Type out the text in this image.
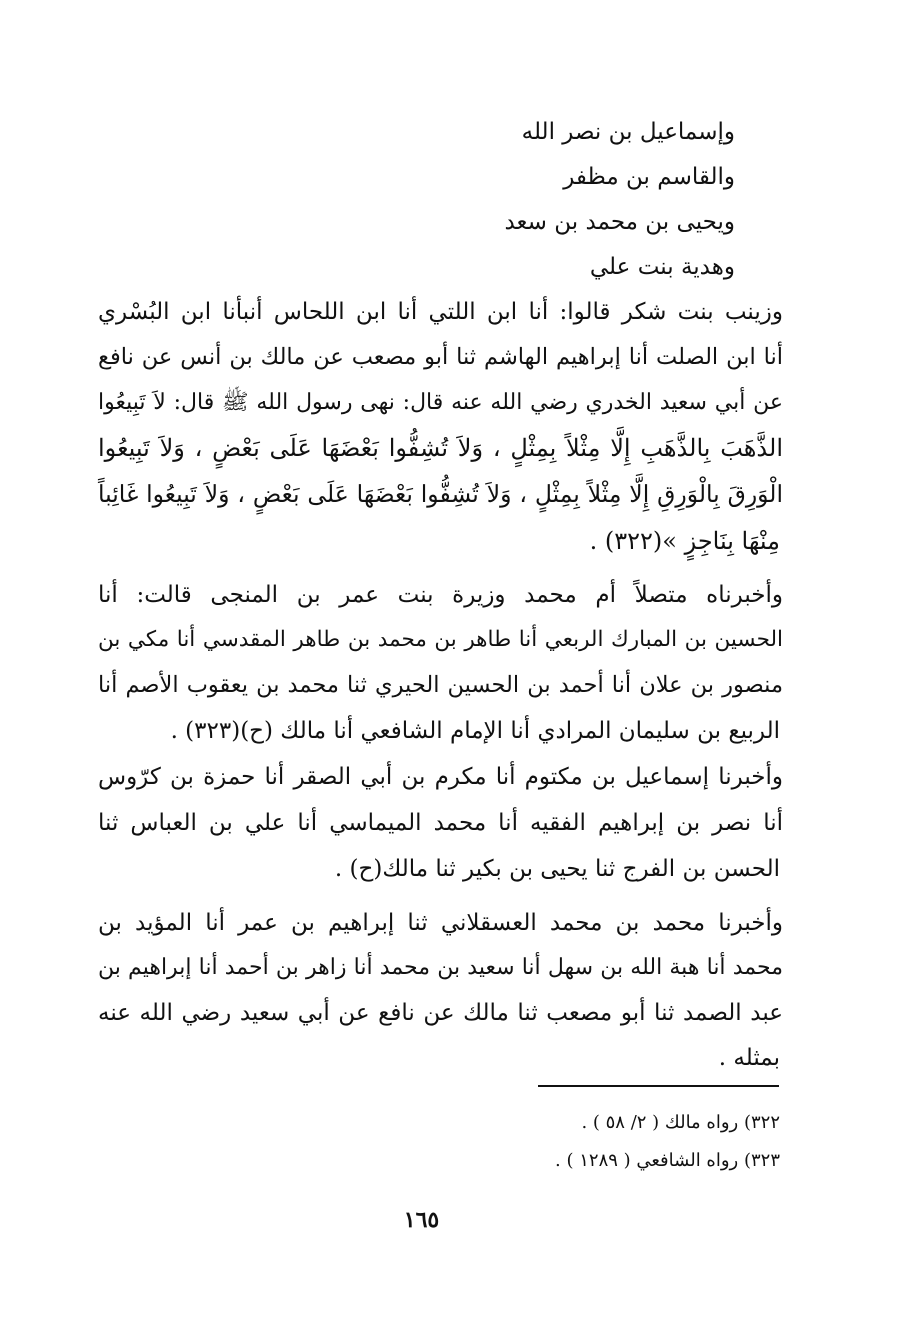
وإسماعيل بن نصر الله
والقاسم بن مظفر
ويحيى بن محمد بن سعد
وهدية بنت علي
وزينب بنت شكر قالوا: أنا ابن اللتي أنا ابن اللحاس أنبأنا ابن البُسْري
أنا ابن الصلت أنا إبراهيم الهاشم ثنا أبو مصعب عن مالك بن أنس عن نافع
عن أبي سعيد الخدري رضي الله عنه قال: نهى رسول الله ﷺ قال: لاَ تَبِيعُوا
الذَّهَبَ بِالذَّهَبِ إِلَّا مِثْلاً بِمِثْلٍ ، وَلاَ تُشِفُّوا بَعْضَهَا عَلَى بَعْضٍ ، وَلاَ تَبِيعُوا
الْوَرِقَ بِالْوَرِقِ إِلَّا مِثْلاً بِمِثْلٍ ، وَلاَ تُشِفُّوا بَعْضَهَا عَلَى بَعْضٍ ، وَلاَ تَبِيعُوا غَائِباً
مِنْهَا بِنَاجِزٍ »(٣٢٢) .
وأخبرناه متصلاً أم محمد وزيرة بنت عمر بن المنجى قالت: أنا
الحسين بن المبارك الربعي أنا طاهر بن محمد بن طاهر المقدسي أنا مكي بن
منصور بن علان أنا أحمد بن الحسين الحيري ثنا محمد بن يعقوب الأصم أنا
الربيع بن سليمان المرادي أنا الإمام الشافعي أنا مالك (ح)(٣٢٣) .
وأخبرنا إسماعيل بن مكتوم أنا مكرم بن أبي الصقر أنا حمزة بن كرّوس
أنا نصر بن إبراهيم الفقيه أنا محمد الميماسي أنا علي بن العباس ثنا
الحسن بن الفرج ثنا يحيى بن بكير ثنا مالك(ح) .
وأخبرنا محمد بن محمد العسقلاني ثنا إبراهيم بن عمر أنا المؤيد بن
محمد أنا هبة الله بن سهل أنا سعيد بن محمد أنا زاهر بن أحمد أنا إبراهيم بن
عبد الصمد ثنا أبو مصعب ثنا مالك عن نافع عن أبي سعيد رضي الله عنه
بمثله .
٣٢٢) رواه مالك ( ٢/ ٥٨ ) .
٣٢٣) رواه الشافعي ( ١٢٨٩ ) .
١٦٥
